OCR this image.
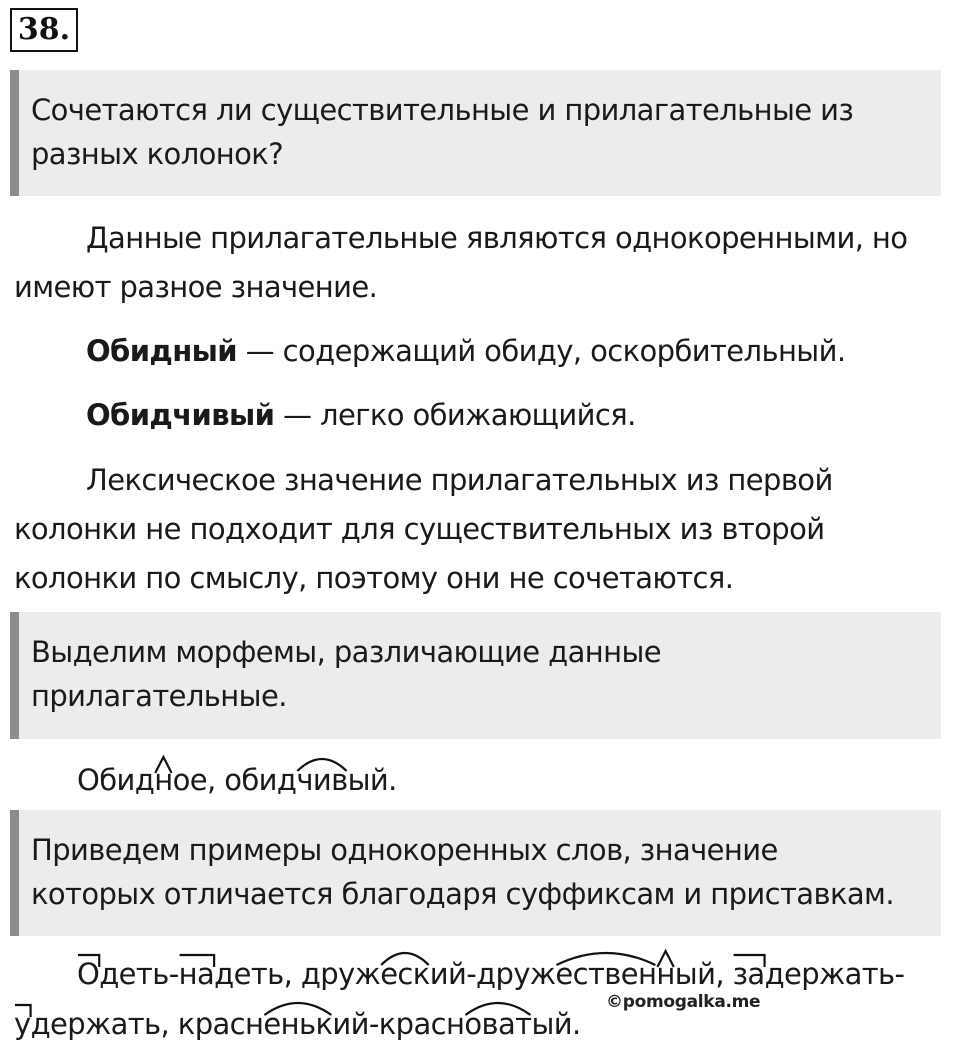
38.
Сочетаются ли существительные и прилагательные из
разных колонок?
Данные прилагательные являются однокоренными, но
имеют разное значение.
Обидный — содержащий обиду, оскорбительный.
Обидчивый — легко обижающийся.
Лексическое значение прилагательных из первой
колонки не подходит для существительных из второй
колонки по смыслу, поэтому они не сочетаются.
Выделим морфемы, различающие данные
прилагательные.
Обидное, обидчивый.
Приведем примеры однокоренных слов, значение
которых отличается благодаря суффиксам и приставкам.
Одеть-надеть, дружеский-дружественный, задержать-
удержать, красненький-красноватый.
©pomogalka.me
